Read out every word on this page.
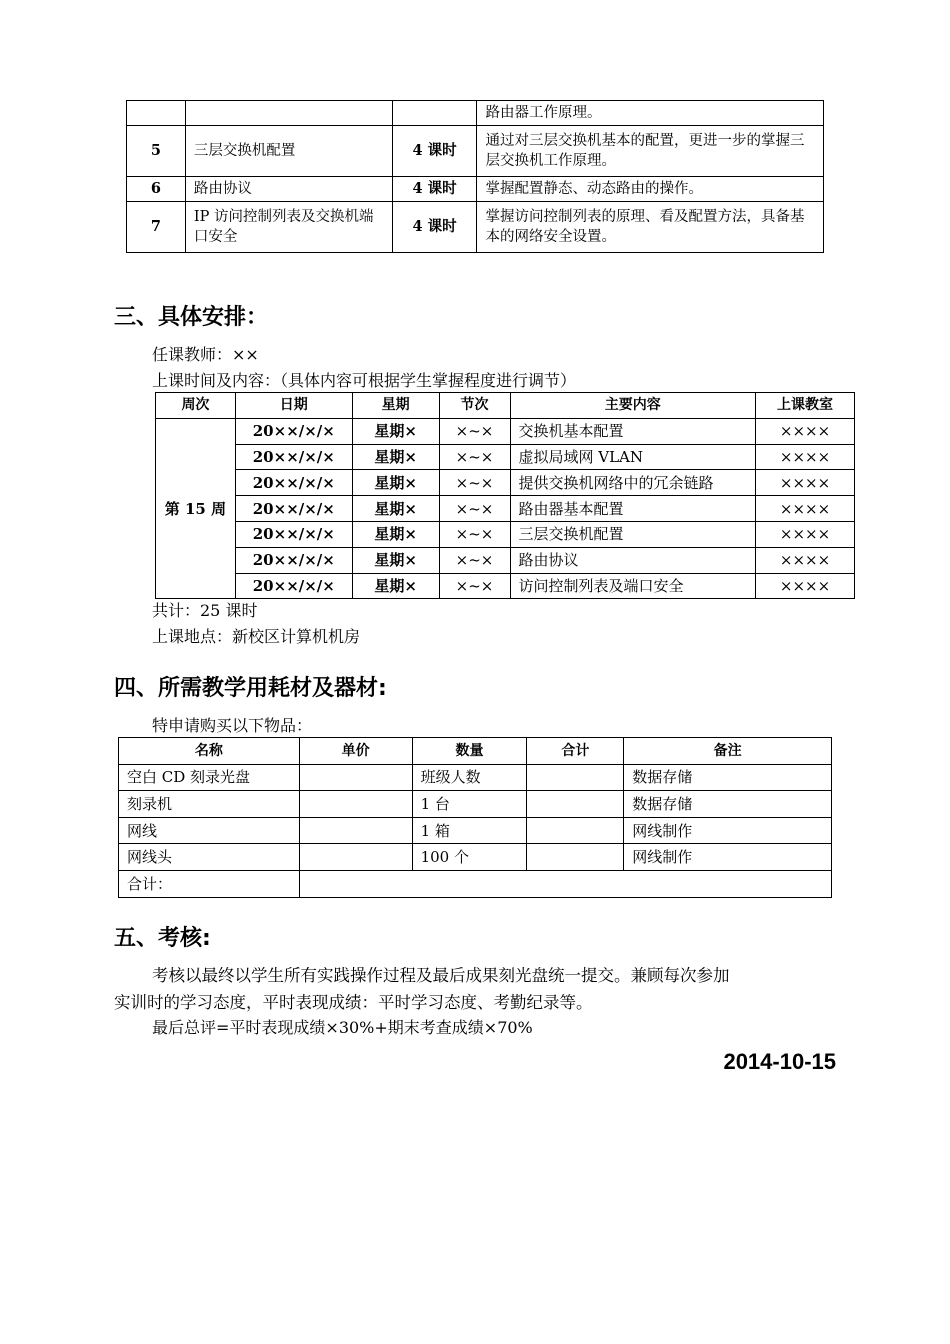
			路由器工作原理。
5	三层交换机配置	4 课时	通过对三层交换机基本的配置，更进一步的掌握三层交换机工作原理。
6	路由协议	4 课时	掌握配置静态、动态路由的操作。
7	IP 访问控制列表及交换机端口安全	4 课时	掌握访问控制列表的原理、看及配置方法，具备基本的网络安全设置。
三、具体安排：
任课教师：××
上课时间及内容：（具体内容可根据学生掌握程度进行调节）
周次	日期	星期	节次	主要内容	上课教室
第 15 周	20××/×/×	星期×	×~×	交换机基本配置	××××
	20××/×/×	星期×	×~×	虚拟局域网 VLAN	××××
	20××/×/×	星期×	×~×	提供交换机网络中的冗余链路	××××
	20××/×/×	星期×	×~×	路由器基本配置	××××
	20××/×/×	星期×	×~×	三层交换机配置	××××
	20××/×/×	星期×	×~×	路由协议	××××
	20××/×/×	星期×	×~×	访问控制列表及端口安全	××××
共计：25 课时
上课地点：新校区计算机机房
四、所需教学用耗材及器材:
特申请购买以下物品：
名称	单价	数量	合计	备注
空白 CD 刻录光盘		班级人数		数据存储
刻录机		1 台		数据存储
网线		1 箱		网线制作
网线头		100 个		网线制作
合计：				
五、考核:
考核以最终以学生所有实践操作过程及最后成果刻光盘统一提交。兼顾每次参加
实训时的学习态度，平时表现成绩：平时学习态度、考勤纪录等。
最后总评=平时表现成绩×30%+期末考查成绩×70%
2014-10-15
